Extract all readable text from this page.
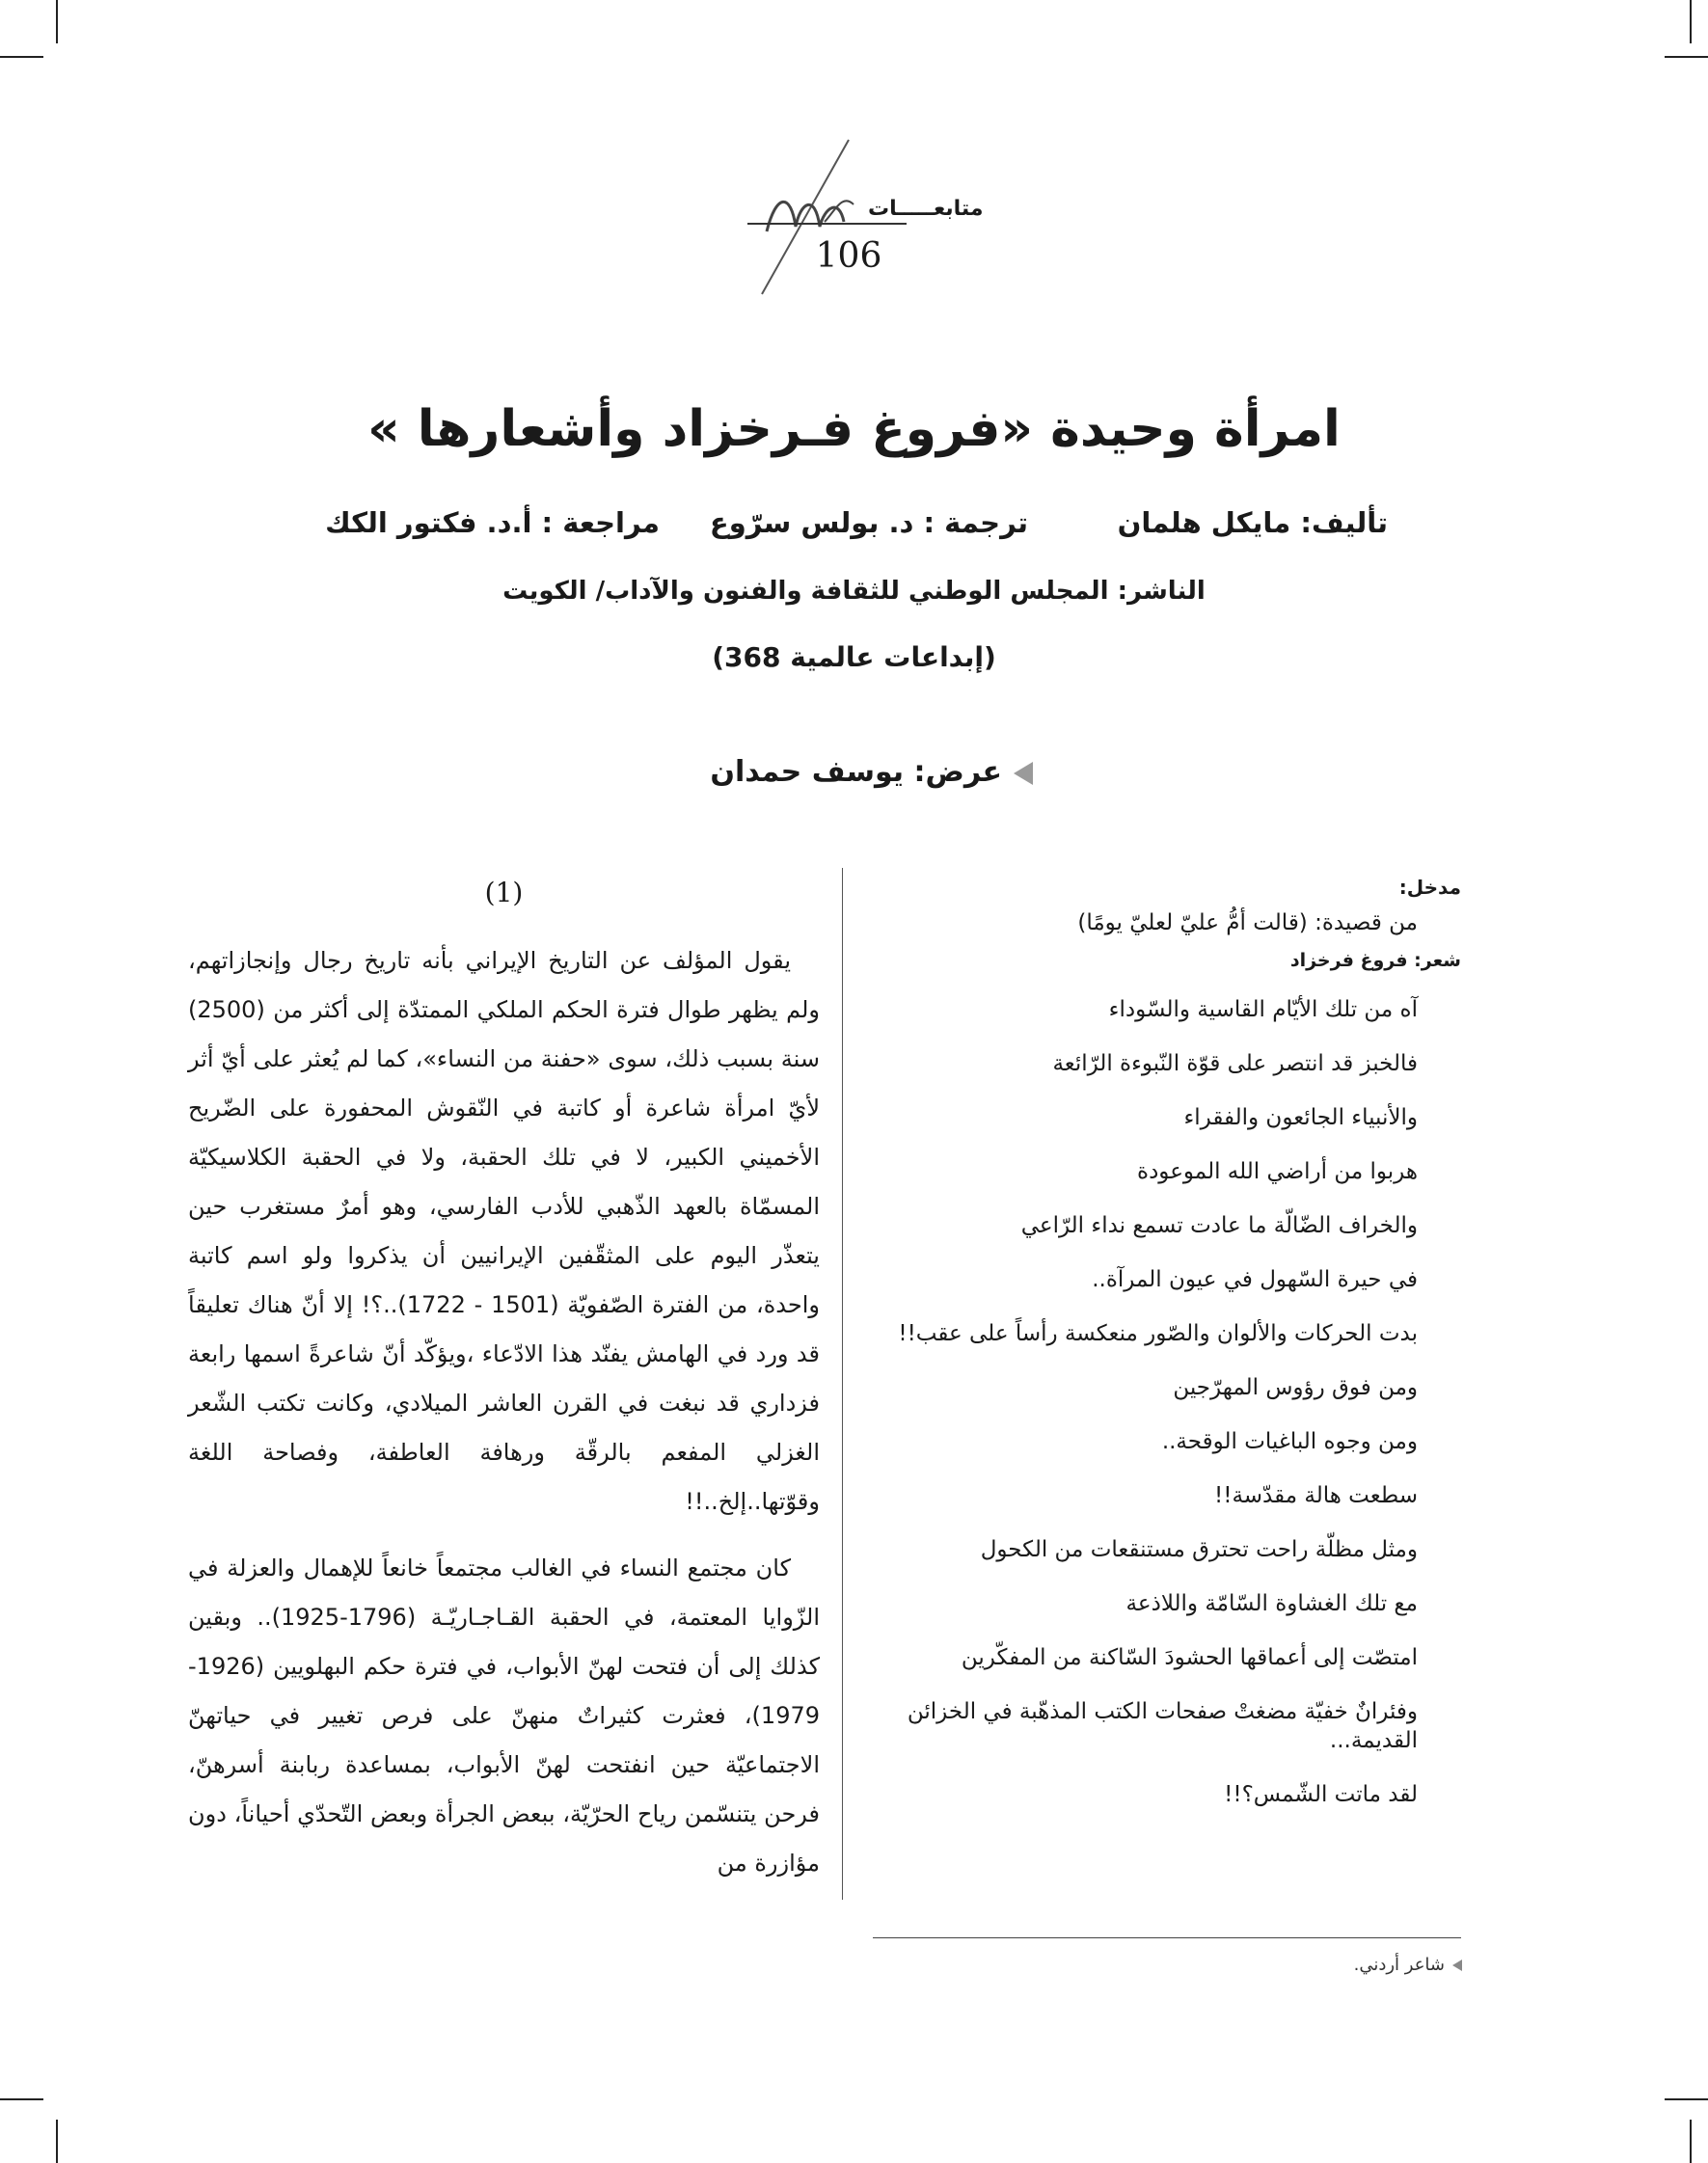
متابعـــــات
106
امرأة وحيدة «فروغ فـرخزاد وأشعارها »
تأليف: مايكل هلمان
ترجمة : د. بولس سرّوع
مراجعة : أ.د. فكتور الكك
الناشر: المجلس الوطني للثقافة والفنون والآداب/ الكويت
(إبداعات عالمية 368)
عرض: يوسف حمدان
(1)

يقول المؤلف عن التاريخ الإيراني بأنه تاريخ رجال وإنجازاتهم، ولم يظهر طوال فترة الحكم الملكي الممتدّة إلى أكثر من (2500) سنة بسبب ذلك، سوى «حفنة من النساء»، كما لم يُعثر على أيّ أثر لأيّ امرأة شاعرة أو كاتبة في النّقوش المحفورة على الضّريح الأخميني الكبير، لا في تلك الحقبة، ولا في الحقبة الكلاسيكيّة المسمّاة بالعهد الذّهبي للأدب الفارسي، وهو أمرٌ مستغرب حين يتعذّر اليوم على المثقّفين الإيرانيين أن يذكروا ولو اسم كاتبة واحدة، من الفترة الصّفويّة (1501 - 1722)..؟! إلا أنّ هناك تعليقاً قد ورد في الهامش يفنّد هذا الادّعاء ،ويؤكّد أنّ شاعرةً اسمها رابعة فزداري قد نبغت في القرن العاشر الميلادي، وكانت تكتب الشّعر الغزلي المفعم بالرقّة ورهافة العاطفة، وفصاحة اللغة وقوّتها..إلخ..!!

كان مجتمع النساء في الغالب مجتمعاً خانعاً للإهمال والعزلة في الزّوايا المعتمة، في الحقبة القـاجـاريّـة (1796-1925).. وبقين كذلك إلى أن فتحت لهنّ الأبواب، في فترة حكم البهلويين (1926- 1979)، فعثرت كثيراتٌ منهنّ على فرص تغيير في حياتهنّ الاجتماعيّة حين انفتحت لهنّ الأبواب، بمساعدة ربابنة أسرهنّ، فرحن يتنسّمن رياح الحرّيّة، ببعض الجرأة وبعض التّحدّي أحياناً، دون مؤازرة من

مدخل:
من قصيدة: (قالت أمُّ عليّ لعليّ يومًا)
شعر: فروغ فرخزاد
آه من تلك الأيّام القاسية والسّوداء
فالخبز قد انتصر على قوّة النّبوءة الرّائعة
والأنبياء الجائعون والفقراء
هربوا من أراضي الله الموعودة
والخراف الضّالّة ما عادت تسمع نداء الرّاعي
في حيرة السّهول في عيون المرآة..
بدت الحركات والألوان والصّور منعكسة رأساً على عقب!!
ومن فوق رؤوس المهرّجين
ومن وجوه الباغيات الوقحة..
سطعت هالة مقدّسة!!
ومثل مظلّة راحت تحترق مستنقعات من الكحول
مع تلك الغشاوة السّامّة واللاذعة
امتصّت إلى أعماقها الحشودَ السّاكنة من المفكّرين
وفئرانٌ خفيّة مضغتْ صفحات الكتب المذهّبة في الخزائن القديمة...
لقد ماتت الشّمس؟!!
شاعر أردني.
